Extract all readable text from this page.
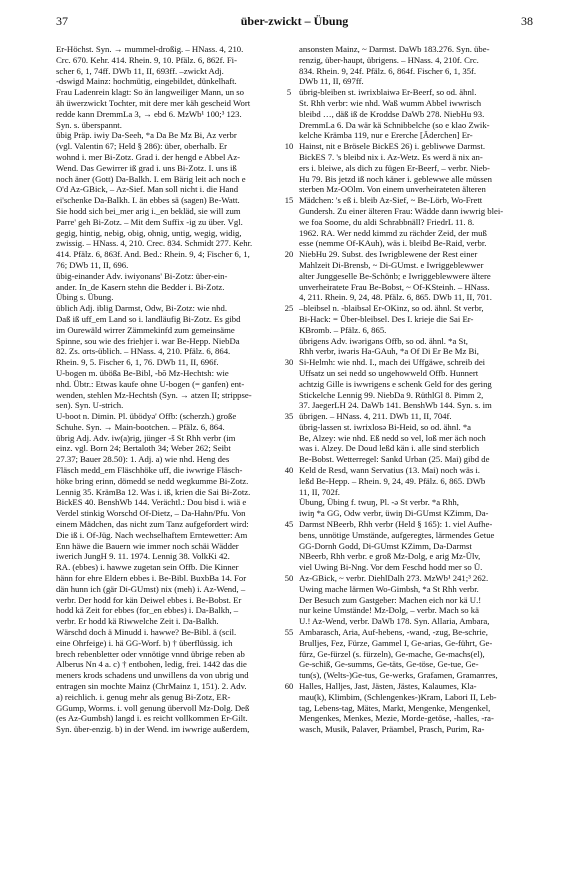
37	über-zwickt – Übung	38
Er-Höchst. Syn. → mummel-droßig. – HNass. 4, 210.
Crc. 670. Kehr. 414. Rhein. 9, 10. Pfälz. 6, 862f. Fi-
scher 6, 1, 74ff. DWb 11, II, 693ff. –zwickt Adj.
-dswigd Mainz: hochmütig, eingebildet, dünkelhaft.
Frau Ladenrein klagt: So än langweiliger Mann, un so
äh üwerzwickt Tochter, mit dere mer käh gescheid Wort
redde kann DremmLa 3, → ebd 6. MzWb¹ 100;³ 123.
Syn. s. überspannt.
übig Präp. iwiy Da-Seeh, *a Da Be Mz Bi, Az verbr
(vgl. Valentin 67; Held § 286): über, oberhalb. Er
wohnd i. mer Bi-Zotz. Grad i. der hengd e Abbel Az-
Wend. Das Gewirrer iß grad i. uns Bi-Zotz. I. uns iß
noch äner (Gott) Da-Balkh. I. em Bärig leit ach noch e
O'd Az-GBick, – Az-Sief. Man soll nicht i. die Hand
ei'schenke Da-Balkh. I. än ebbes sä (sagen) Be-Watt.
Sie hodd sich bei_mer arig i._en bekläd, sie will zum
Parre' geh Bi-Zotz. – Mit dem Suffix -ig zu über. Vgl.
gegig, hintig, nebig, obig, ohnig, untig, wegig, widig,
zwissig. – HNass. 4, 210. Crec. 834. Schmidt 277. Kehr.
414. Pfälz. 6, 863f. And. Bed.: Rhein. 9, 4; Fischer 6, 1,
76; DWb 11, II, 696.
übig-einander Adv. iwiyonans' Bi-Zotz: über-ein-
ander. In_de Kasern stehn die Bedder i. Bi-Zotz.
Übing s. Übung.
üblich Adj. iblig Darmst, Odw, Bi-Zotz: wie nhd.
Daß iß uff_em Land so i. landläufig Bi-Zotz. Es gibd
im Ourewäld wirrer Zämmekinfd zum gemeinsäme
Spinne, sou wie des friehjer i. war Be-Hepp. NiebDa
82. Zs. orts-üblich. – HNass. 4, 210. Pfälz. 6, 864.
Rhein. 9, 5. Fischer 6, 1, 76. DWb 11, II, 696f.
U-bogen m. übößa Be-Bibl, -bō Mz-Hechtsh: wie
nhd. Übtr.: Etwas kaufe ohne U-bogen (= ganfen) ent-
wenden, stehlen Mz-Hechtsh (Syn. → atzen II; strippse-
sen). Syn. U-strich.
U-boot n. Dimin. Pl. übödyə' Offb: (scherzh.) große
Schuhe. Syn. → Main-bootchen. – Pfälz. 6, 864.
übrig Adj. Adv. iw(a)rig, jünger -š St Rhh verbr (im
einz. vgl. Born 24; Bertaloth 34; Weber 262; Seibt
27.37; Bauer 28.50): 1. Adj. a) wie nhd. Heng des
Fläsch medd_em Fläschhöke uff, die iwwrige Fläsch-
höke bring erinn, dömedd se nedd wegkumme Bi-Zotz.
Lennig 35. KrämBa 12. Was i. iß, krien die Sai Bi-Zotz.
BickES 40. BenshWb 144. Verächtl.: Dou bisd i. wiä e
Verdel stinkig Worschd Of-Dietz, – Da-Hahn/Pfu. Von
einem Mädchen, das nicht zum Tanz aufgefordert wird:
Die iß i. Of-Jüg. Nach wechselhaftem Erntewetter: Am
Enn häwe die Bauern wie immer noch schäi Wädder
iwerich JungH 9. 11. 1974. Lennig 38. VolkKi 42.
RA. (ebbes) i. hawwe zugetan sein Offb. Die Kinner
hänn for ehre Eldern ebbes i. Be-Bibl. BuxbBa 14. For
dän hunn ich (gär Di-GUmst) nix (meh) i. Az-Wend, –
verbr. Der hodd for kän Deiwel ebbes i. Be-Bobst. Er
hodd kä Zeit for ebbes (for_en ebbes) i. Da-Balkh, –
verbr. Er hodd kä Riwwelche Zeit i. Da-Balkh.
Wärschd doch ä Minudd i. hawwe? Be-Bibl. ä (scil.
eine Ohrfeige) i. hä GG-Worf. b) † überflüssig. ich
brech rebenbletter oder vnnötige vnnd übrige reben ab
Alberus Nn 4 a. c) † entbohen, ledig, frei. 1442 das die
meners krods schadens und unwillens da von ubrig und
entragen sin mochte Mainz (ChrMainz 1, 151). 2. Adv.
a) reichlich. i. genug mehr als genug Bi-Zotz, ER-
GGump, Worms. i. voll genung übervoll Mz-Dolg. Deß
(es Az-Gumbsh) langd i. es reicht vollkommen Er-Gilt.
Syn. über-enzig. b) in der Wend. im iwwrige außerdem,
5
10
15
20
25
30
35
40
45
50
55
60
ansonsten Mainz, ~ Darmst. DaWb 183.276. Syn. übe-
renzig, über-haupt, übrigens. – HNass. 4, 210f. Crc.
834. Rhein. 9, 24f. Pfälz. 6, 864f. Fischer 6, 1, 35f.
DWb 11, II, 697ff.
übrig-bleiben st. iwrixblaiwə Er-Beerf, so od. ähnl.
St. Rhh verbr: wie nhd. Waß wumm Abbel iwwrisch
bleibd …, däß iß de Kroddse DaWb 278. NiebHu 93.
DremmLa 6. Da wär kä Schnibbelche (so e klao Zwik-
kelche Krämba 119, nur e Ererche [Äderchen] Er-
Hainst, nit e Brösele BickES 26) i. gebliwwe Darmst.
BickES 7. 's bleibd nix i. Az-Wetz. Es werd ä nix an-
ers i. bleiwe, als dich zu fügen Er-Beerf, – verbr. Nieb-
Hu 79. Bis jetzd iß noch käner i. geblewwe alle müssen
sterben Mz-OOlm. Von einem unverheirateten älteren
Mädchen: 's eß i. bleib Az-Sief, ~ Be-Lörb, Wo-Frett
Gundersh. Zu einer älteren Frau: Wädde dann iwwrig blei-
we foa Soome, du aldi Schrabbnäll? FriedrL 11. 8.
1962. RA. Wer nedd kimmd zu rächder Zeid, der muß
esse (nemme Of-KAuh), wäs i. bleibd Be-Raid, verbr.
NiebHu 29. Subst. des Iwrigblewene der Rest einer
Mahlzeit Di-Brensb, ~ Di-GUmst. e Iwriggeblewwer
alter Junggeselle Be-Schönb; e Iwriggeblewwere ältere
unverheiratete Frau Be-Bobst, ~ Of-KSteinh. – HNass.
4, 211. Rhein. 9, 24, 48. Pfälz. 6, 865. DWb 11, II, 701.
–bleibsel n. -blaibsəl Er-OKinz, so od. ähnl. St verbr,
Bi-Hack: = Über-bleibsel. Des I. krieje die Sai Er-
KBromb. – Pfälz. 6, 865.
übrigens Adv. iwərigəns Offb, so od. ähnl. *a St,
Rhh verbr, iwəris Ha-GAuh, *a Of Di Er Be Mz Bi,
Si-Helmh: wie nhd. I., mach dei Uffgäwe, schreib dei
Uffsatz un sei nedd so ungehowweld Offb. Hunnert
achtzig Gille is iwwrigens e schenk Geld for des gering
Stickelche Lennig 99. NiebDa 9. RüthlGl 8. Pimm 2,
37. JaegerLH 24. DaWb 141. BenshWb 144. Syn. s. im
übrigen. – HNass. 4, 211. DWb 11, II, 704f.
übrig-lassen st. iwrixlosə Bi-Heid, so od. ähnl. *a
Be, Alzey: wie nhd. Eß nedd so vel, loß mer äch noch
was i. Alzey. De Doud leßd kän i. alle sind sterblich
Be-Bobst. Wetterregel: Sankd Urban (25. Mai) gibd de
Keld de Resd, wann Servatius (13. Mai) noch wäs i.
leßd Be-Hepp. – Rhein. 9, 24, 49. Pfälz. 6, 865. DWb
11, II, 702f.
Übung, Übing f. twuŋ, Pl. -ə St verbr. *a Rhh,
iwiŋ *a GG, Odw verbr, üwiŋ Di-GUmst KZimm, Da-
Darmst NBeerb, Rhh verbr (Held § 165): 1. viel Aufhe-
bens, unnötige Umstände, aufgeregtes, lärmendes Getue
GG-Dornh Godd, Di-GUmst KZimm, Da-Darmst
NBeerb, Rhh verbr. e groß Mz-Dolg, e arig Mz-Ülv,
viel Uwing Bi-Nng. Vor dem Feschd hodd mer so Ü.
Az-GBick, ~ verbr. DiehlDalh 273. MzWb¹ 241;³ 262.
Uwing mache lärmen Wo-Gimbsh, *a St Rhh verbr.
Der Besuch zum Gastgeber: Machen eich nor kä U.!
nur keine Umstände! Mz-Dolg, – verbr. Mach so kä
U.! Az-Wend, verbr. DaWb 178. Syn. Allaria, Ambara,
Ambarasch, Aria, Auf-hebens, -wand, -zug, Be-schrie,
Brulljes, Fez, Fürze, Gammel I, Ge-arias, Ge-führt, Ge-
fürz, Ge-fürzel (s. fürzeln), Ge-mache, Ge-machs(el),
Ge-schiß, Ge-summs, Ge-täts, Ge-töse, Ge-tue, Ge-
tun(s), (Welts-)Ge-tus, Ge-werks, Grafamen, Gramanтes,
Halles, Halljes, Jast, Jästen, Jästes, Kalaumes, Kla-
mau(k), Klimbim, (Schlengenkes-)Kram, Labori II, Leb-
tag, Lebens-tag, Mätes, Markt, Mengenke, Mengenkel,
Mengenkes, Menkes, Mezie, Morde-getöse, -halles, -ra-
wasch, Musik, Palaver, Präambel, Prasch, Purim, Ra-
